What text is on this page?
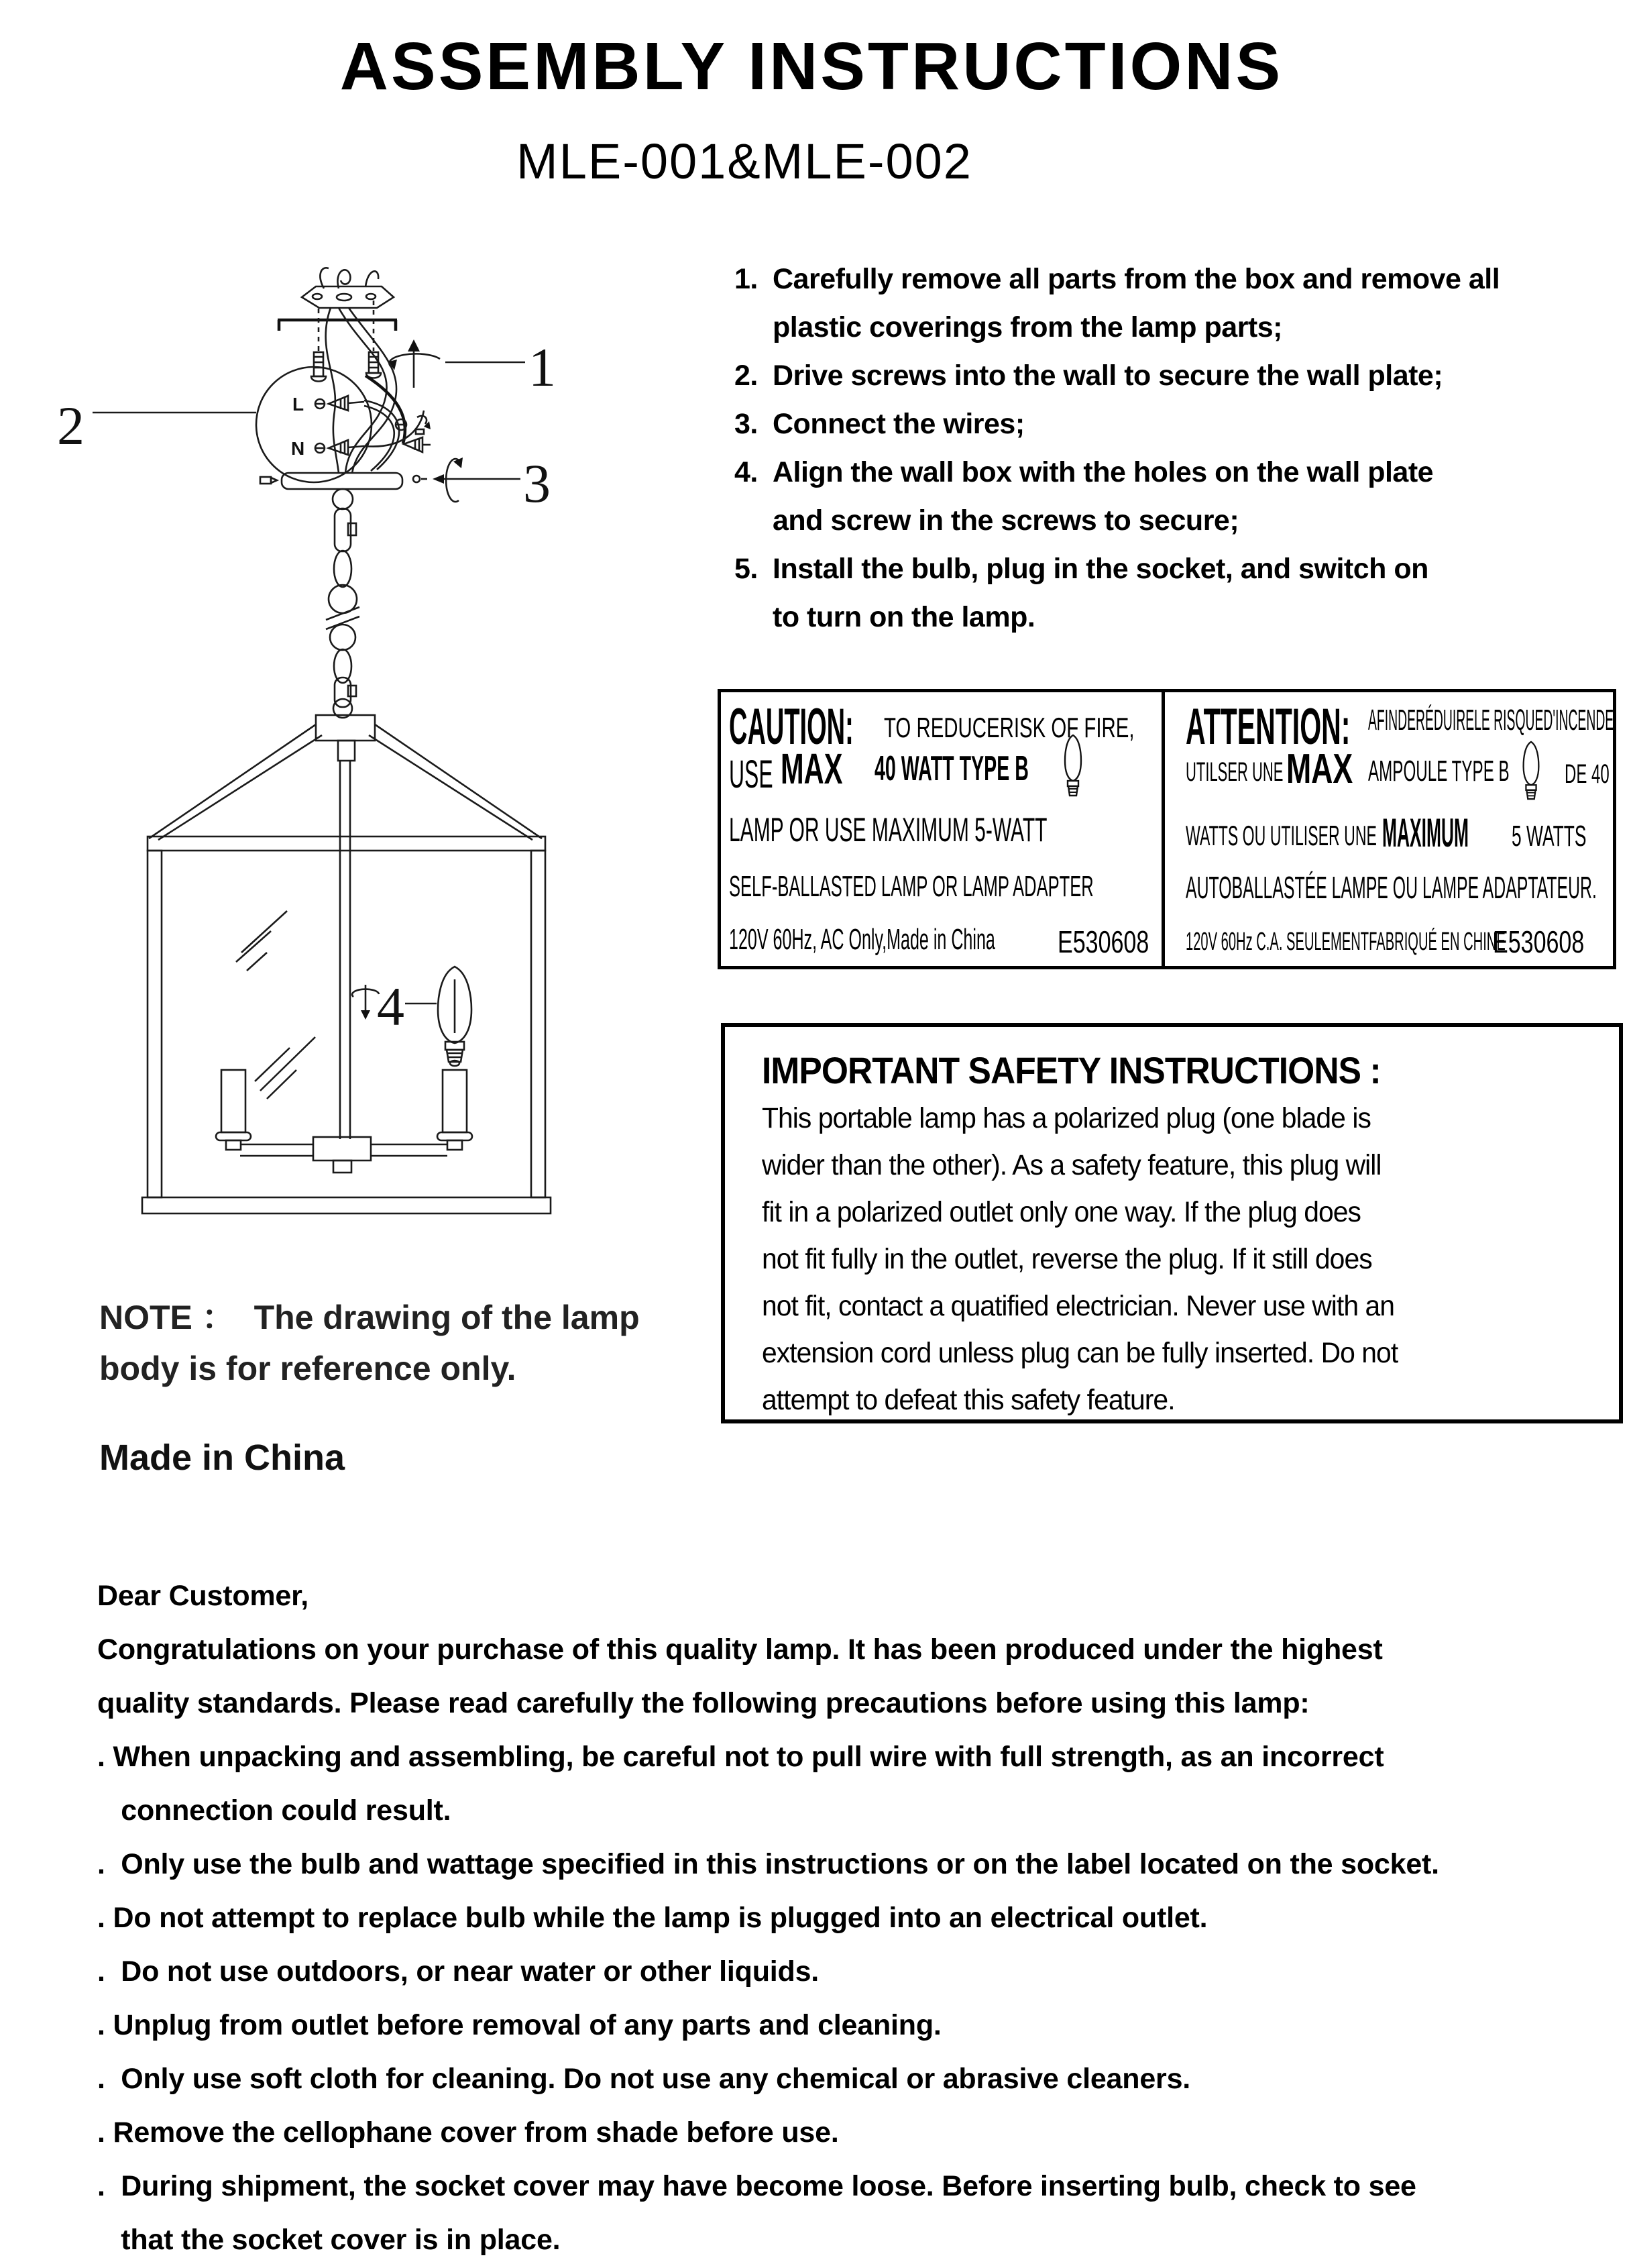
ASSEMBLY INSTRUCTIONS
MLE-001&MLE-002
1. Carefully remove all parts from the box and remove all
plastic coverings from the lamp parts;
2. Drive screws into the wall to secure the wall plate;
3. Connect the wires;
4. Align the wall box with the holes on the wall plate
and screw in the screws to secure;
5. Install the bulb, plug in the socket, and switch on
to turn on the lamp.
1
L
N
2
3
4
CAUTION: TO REDUCERISK OF FIRE,
USE MAX 40 WATT TYPE B
LAMP OR USE MAXIMUM 5-WATT
SELF-BALLASTED LAMP OR LAMP ADAPTER
120V 60Hz, AC Only,Made in China E530608
ATTENTION: AFINDERÉDUIRELE RISQUED'INCENDE,
UTILSER UNE MAX AMPOULE TYPE B DE 40
WATTS OU UTILISER UNE MAXIMUM 5 WATTS
AUTOBALLASTÉE LAMPE OU LAMPE ADAPTATEUR.
120V 60Hz C.A. SEULEMENTFABRIQUÉ EN CHINE
E530608
IMPORTANT SAFETY INSTRUCTIONS :
This portable lamp has a polarized plug (one blade is
wider than the other). As a safety feature, this plug will
fit in a polarized outlet only one way. If the plug does
not fit fully in the outlet, reverse the plug. If it still does
not fit, contact a quatified electrician. Never use with an
extension cord unless plug can be fully inserted. Do not
attempt to defeat this safety feature.
NOTE ： The drawing of the lamp
body is for reference only.
Made in China
Dear Customer,
Congratulations on your purchase of this quality lamp. It has been produced under the highest
quality standards. Please read carefully the following precautions before using this lamp:
. When unpacking and assembling, be careful not to pull wire with full strength, as an incorrect
connection could result.
.  Only use the bulb and wattage specified in this instructions or on the label located on the socket.
. Do not attempt to replace bulb while the lamp is plugged into an electrical outlet.
.  Do not use outdoors, or near water or other liquids.
. Unplug from outlet before removal of any parts and cleaning.
.  Only use soft cloth for cleaning. Do not use any chemical or abrasive cleaners.
. Remove the cellophane cover from shade before use.
.  During shipment, the socket cover may have become loose. Before inserting bulb, check to see
that the socket cover is in place.
